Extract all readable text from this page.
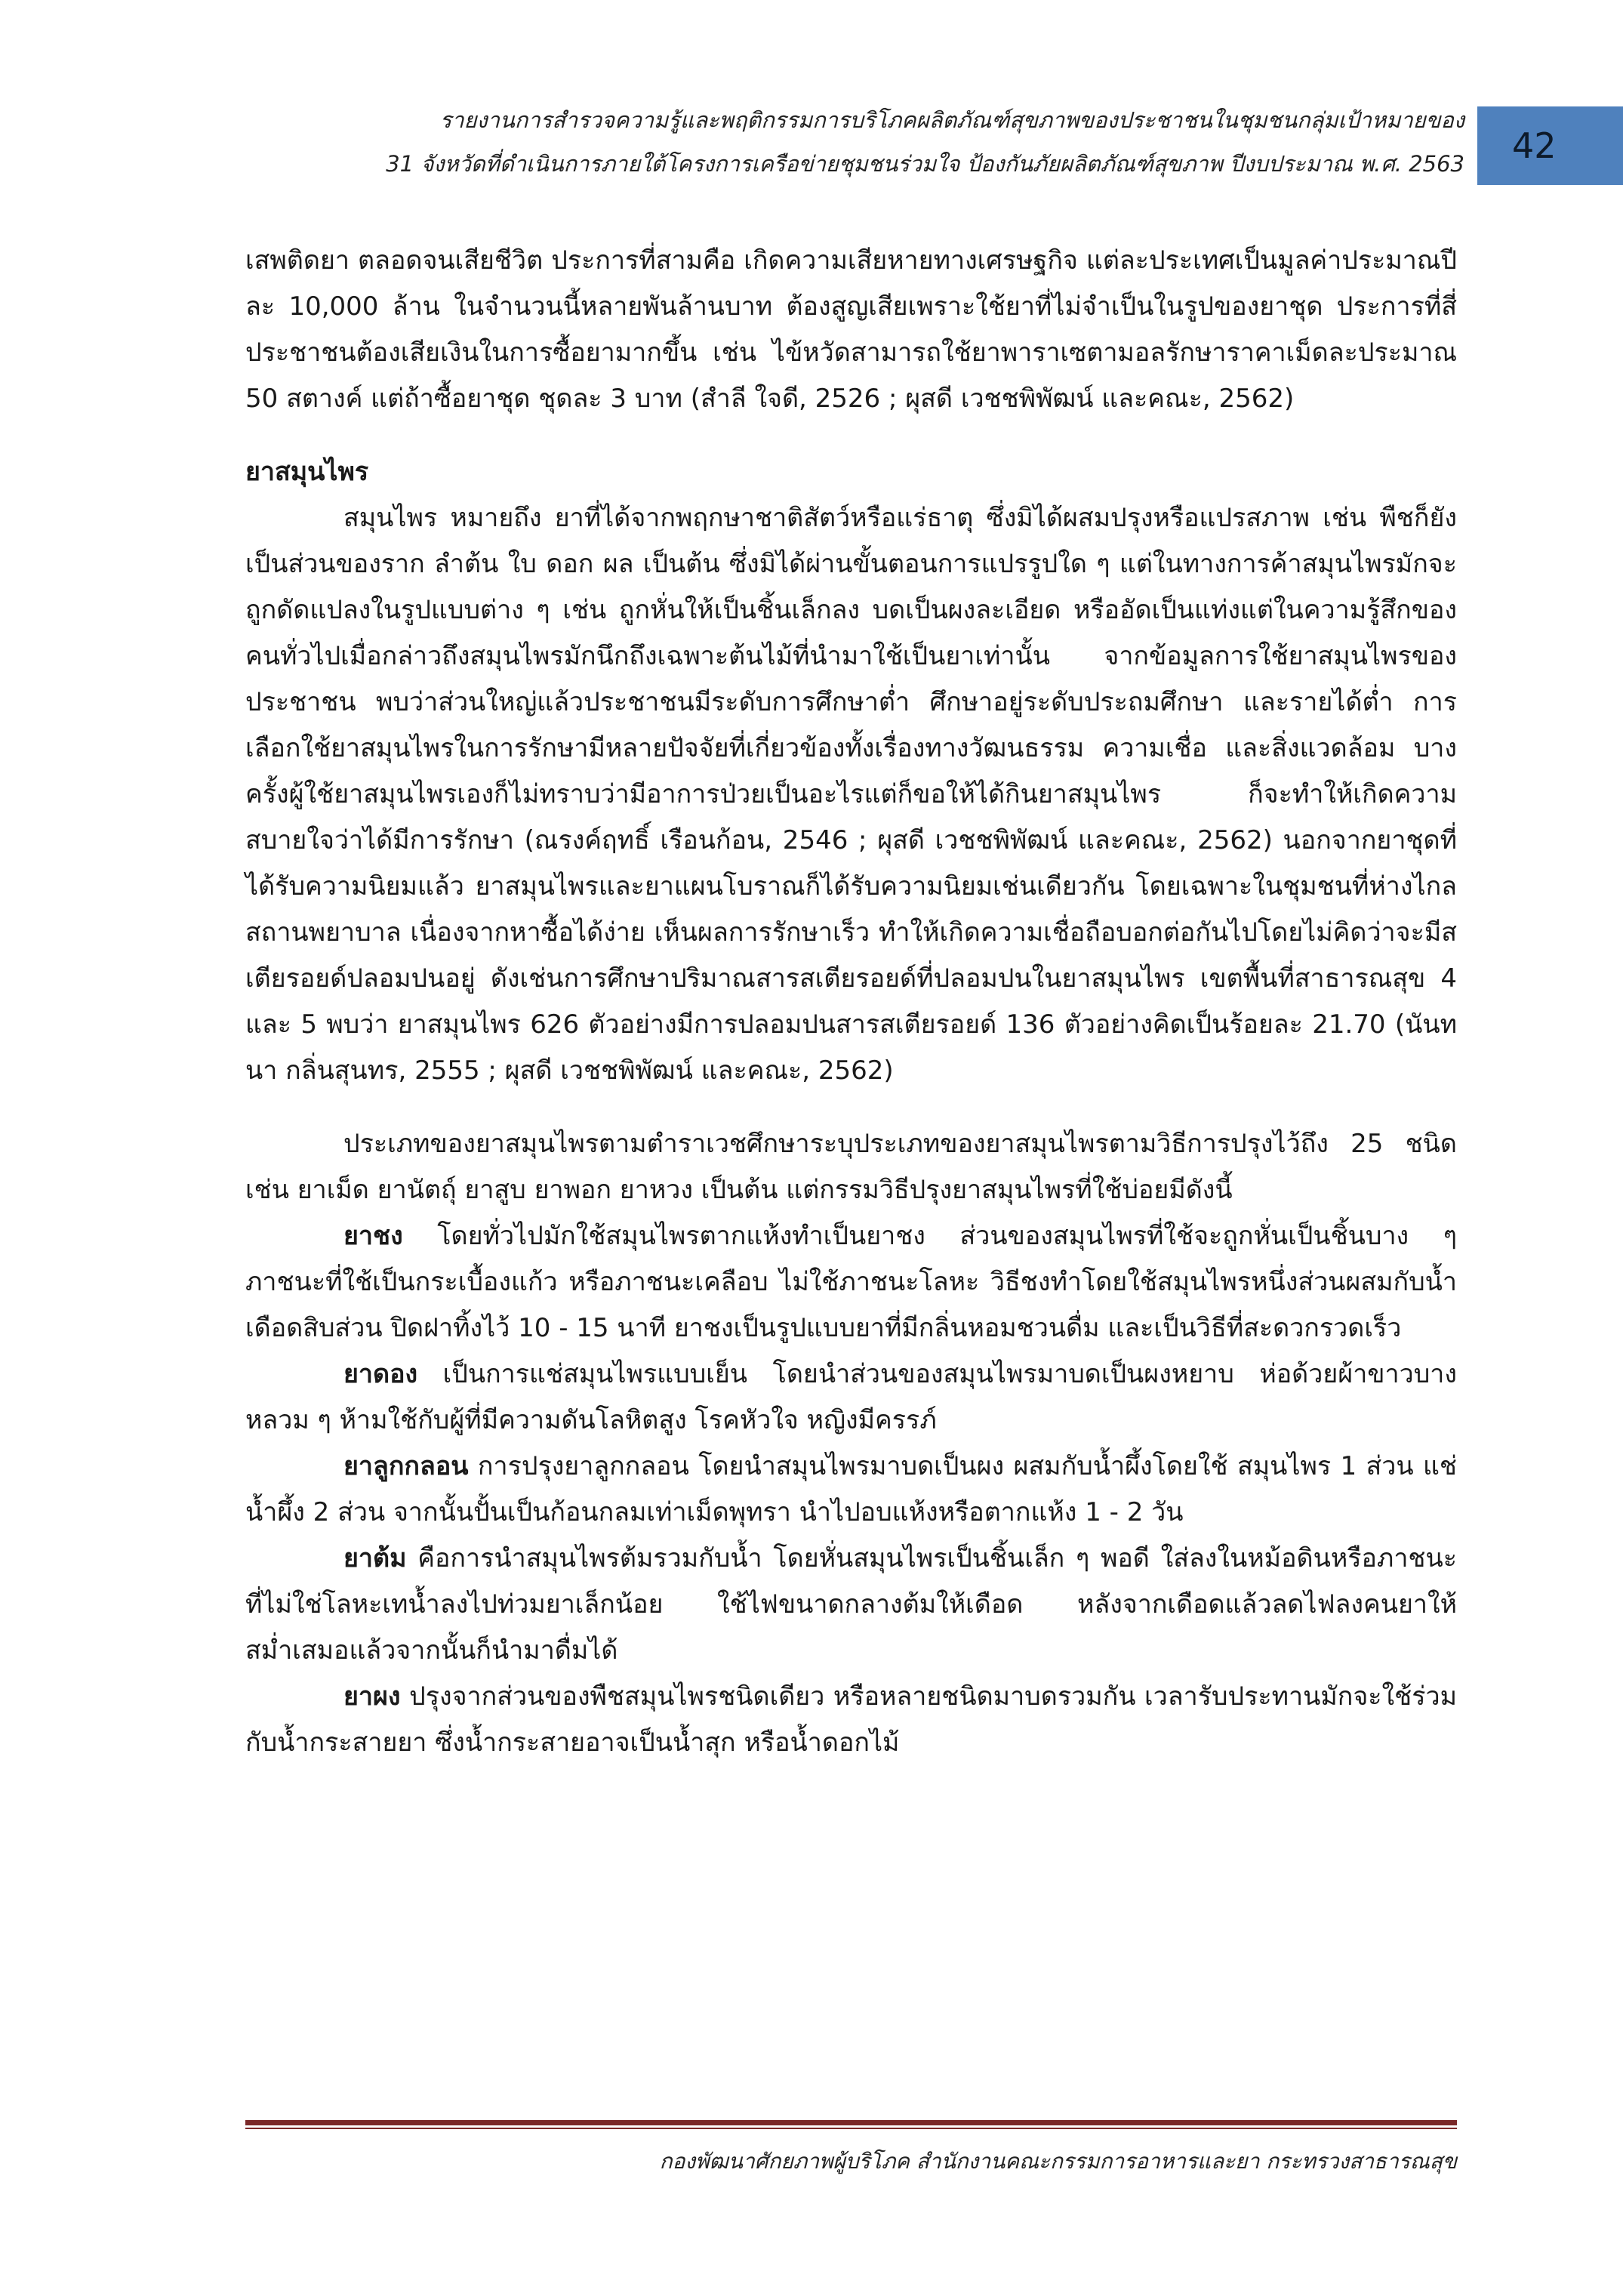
รายงานการสำรวจความรู้และพฤติกรรมการบริโภคผลิตภัณฑ์สุขภาพของประชาชนในชุมชนกลุ่มเป้าหมายของ
31 จังหวัดที่ดำเนินการภายใต้โครงการเครือข่ายชุมชนร่วมใจ ป้องกันภัยผลิตภัณฑ์สุขภาพ ปีงบประมาณ พ.ศ. 2563	42

เสพติดยา ตลอดจนเสียชีวิต ประการที่สามคือ เกิดความเสียหายทางเศรษฐกิจ แต่ละประเทศเป็นมูลค่าประมาณปีละ 10,000 ล้าน ในจำนวนนี้หลายพันล้านบาท ต้องสูญเสียเพราะใช้ยาที่ไม่จำเป็นในรูปของยาชุด ประการที่สี่ ประชาชนต้องเสียเงินในการซื้อยามากขึ้น เช่น ไข้หวัดสามารถใช้ยาพาราเซตามอลรักษาราคาเม็ดละประมาณ 50 สตางค์ แต่ถ้าซื้อยาชุด ชุดละ 3 บาท (สำลี ใจดี, 2526 ; ผุสดี เวชชพิพัฒน์ และคณะ, 2562)

ยาสมุนไพร

สมุนไพร หมายถึง ยาที่ได้จากพฤกษาชาติสัตว์หรือแร่ธาตุ ซึ่งมิได้ผสมปรุงหรือแปรสภาพ เช่น พืชก็ยังเป็นส่วนของราก ลำต้น ใบ ดอก ผล เป็นต้น ซึ่งมิได้ผ่านขั้นตอนการแปรรูปใด ๆ แต่ในทางการค้าสมุนไพรมักจะถูกดัดแปลงในรูปแบบต่าง ๆ เช่น ถูกหั่นให้เป็นชิ้นเล็กลง บดเป็นผงละเอียด หรืออัดเป็นแท่งแต่ในความรู้สึกของคนทั่วไปเมื่อกล่าวถึงสมุนไพรมักนึกถึงเฉพาะต้นไม้ที่นำมาใช้เป็นยาเท่านั้น จากข้อมูลการใช้ยาสมุนไพรของประชาชน พบว่าส่วนใหญ่แล้วประชาชนมีระดับการศึกษาต่ำ ศึกษาอยู่ระดับประถมศึกษา และรายได้ต่ำ การเลือกใช้ยาสมุนไพรในการรักษามีหลายปัจจัยที่เกี่ยวข้องทั้งเรื่องทางวัฒนธรรม ความเชื่อ และสิ่งแวดล้อม บางครั้งผู้ใช้ยาสมุนไพรเองก็ไม่ทราบว่ามีอาการป่วยเป็นอะไรแต่ก็ขอให้ได้กินยาสมุนไพร ก็จะทำให้เกิดความสบายใจว่าได้มีการรักษา (ณรงค์ฤทธิ์ เรือนก้อน, 2546 ; ผุสดี เวชชพิพัฒน์ และคณะ, 2562) นอกจากยาชุดที่ได้รับความนิยมแล้ว ยาสมุนไพรและยาแผนโบราณก็ได้รับความนิยมเช่นเดียวกัน โดยเฉพาะในชุมชนที่ห่างไกลสถานพยาบาล เนื่องจากหาซื้อได้ง่าย เห็นผลการรักษาเร็ว ทำให้เกิดความเชื่อถือบอกต่อกันไปโดยไม่คิดว่าจะมีสเตียรอยด์ปลอมปนอยู่ ดังเช่นการศึกษาปริมาณสารสเตียรอยด์ที่ปลอมปนในยาสมุนไพร เขตพื้นที่สาธารณสุข 4 และ 5 พบว่า ยาสมุนไพร 626 ตัวอย่างมีการปลอมปนสารสเตียรอยด์ 136 ตัวอย่างคิดเป็นร้อยละ 21.70 (นันทนา กลิ่นสุนทร, 2555 ; ผุสดี เวชชพิพัฒน์ และคณะ, 2562)

ประเภทของยาสมุนไพรตามตำราเวชศึกษาระบุประเภทของยาสมุนไพรตามวิธีการปรุงไว้ถึง 25 ชนิด เช่น ยาเม็ด ยานัตถุ์ ยาสูบ ยาพอก ยาหวง เป็นต้น แต่กรรมวิธีปรุงยาสมุนไพรที่ใช้บ่อยมีดังนี้

ยาชง โดยทั่วไปมักใช้สมุนไพรตากแห้งทำเป็นยาชง ส่วนของสมุนไพรที่ใช้จะถูกหั่นเป็นชิ้นบาง ๆ ภาชนะที่ใช้เป็นกระเบื้องแก้ว หรือภาชนะเคลือบ ไม่ใช้ภาชนะโลหะ วิธีชงทำโดยใช้สมุนไพรหนึ่งส่วนผสมกับน้ำเดือดสิบส่วน ปิดฝาทิ้งไว้ 10 - 15 นาที ยาชงเป็นรูปแบบยาที่มีกลิ่นหอมชวนดื่ม และเป็นวิธีที่สะดวกรวดเร็ว

ยาดอง เป็นการแช่สมุนไพรแบบเย็น โดยนำส่วนของสมุนไพรมาบดเป็นผงหยาบ ห่อด้วยผ้าขาวบางหลวม ๆ ห้ามใช้กับผู้ที่มีความดันโลหิตสูง โรคหัวใจ หญิงมีครรภ์

ยาลูกกลอน การปรุงยาลูกกลอน โดยนำสมุนไพรมาบดเป็นผง ผสมกับน้ำผึ้งโดยใช้ สมุนไพร 1 ส่วน แช่น้ำผึ้ง 2 ส่วน จากนั้นปั้นเป็นก้อนกลมเท่าเม็ดพุทรา นำไปอบแห้งหรือตากแห้ง 1 - 2 วัน

ยาต้ม คือการนำสมุนไพรต้มรวมกับน้ำ โดยหั่นสมุนไพรเป็นชิ้นเล็ก ๆ พอดี ใส่ลงในหม้อดินหรือภาชนะที่ไม่ใช่โลหะเทน้ำลงไปท่วมยาเล็กน้อย ใช้ไฟขนาดกลางต้มให้เดือด หลังจากเดือดแล้วลดไฟลงคนยาให้สม่ำเสมอแล้วจากนั้นก็นำมาดื่มได้

ยาผง ปรุงจากส่วนของพืชสมุนไพรชนิดเดียว หรือหลายชนิดมาบดรวมกัน เวลารับประทานมักจะใช้ร่วมกับน้ำกระสายยา ซึ่งน้ำกระสายอาจเป็นน้ำสุก หรือน้ำดอกไม้

กองพัฒนาศักยภาพผู้บริโภค สำนักงานคณะกรรมการอาหารและยา กระทรวงสาธารณสุข
